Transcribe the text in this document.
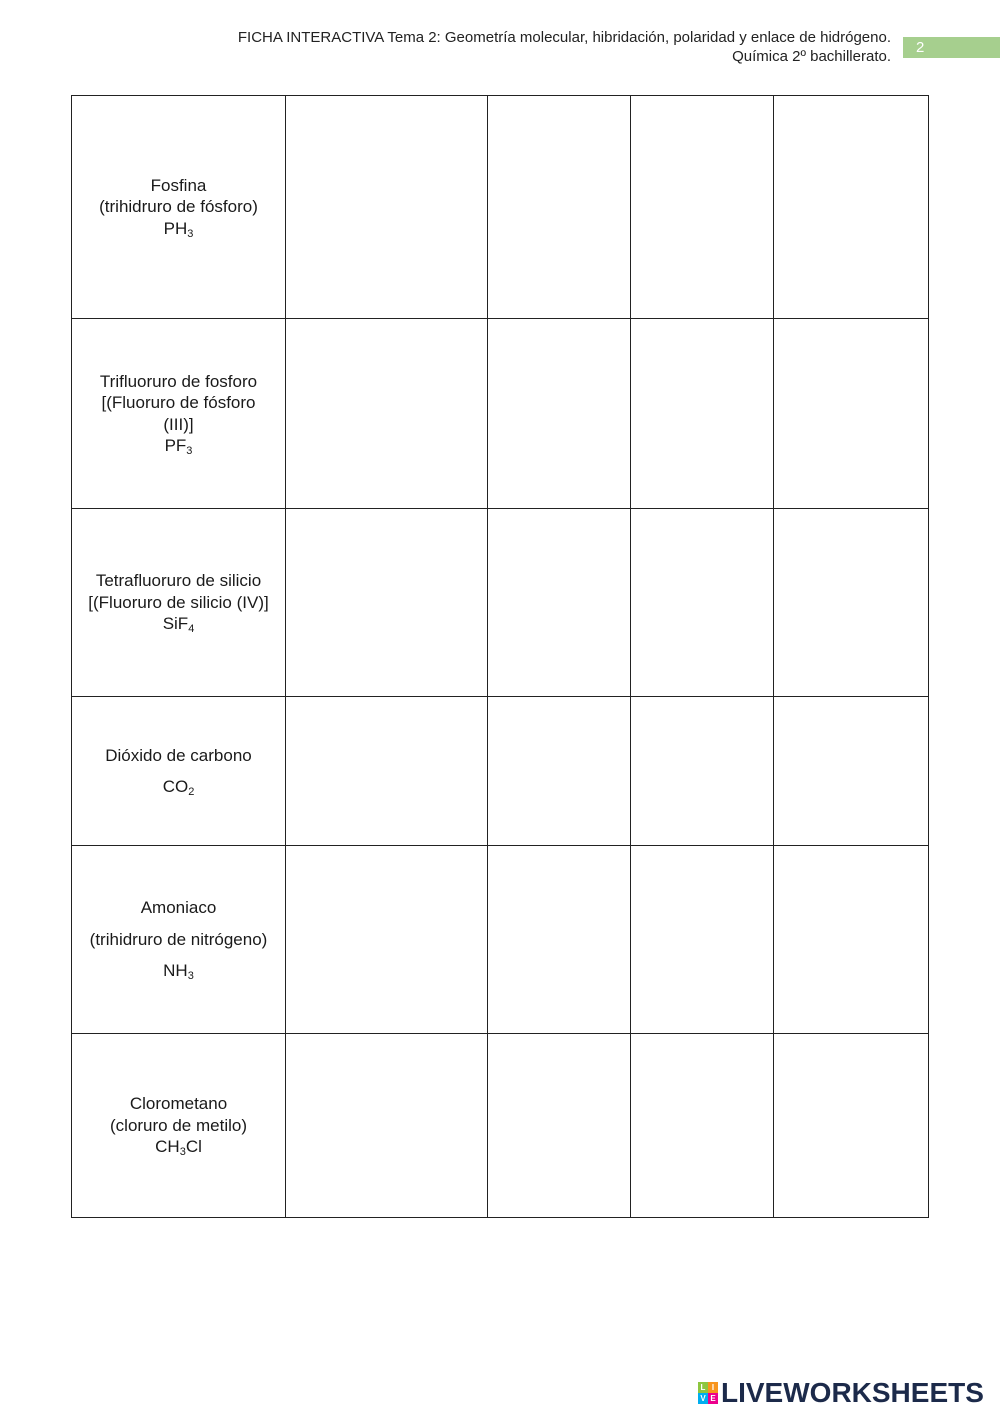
FICHA INTERACTIVA Tema 2: Geometría molecular, hibridación, polaridad y enlace de hidrógeno.
Química 2º bachillerato.
2
Fosfina
(trihidruro de fósforo)
$PH_3$

Trifluoruro de fosforo
[(Fluoruro de fósforo
(III)]
$PF_3$

Tetrafluoruro de silicio
[(Fluoruro de silicio (IV)]
SiF$_4$

Dióxido de carbono
$CO_2$

Amoniaco
(trihidruro de nitrógeno)
$NH_3$

Clorometano
(cloruro de metilo)
$CH_3Cl$				

L I
V E LIVEWORKSHEETS
